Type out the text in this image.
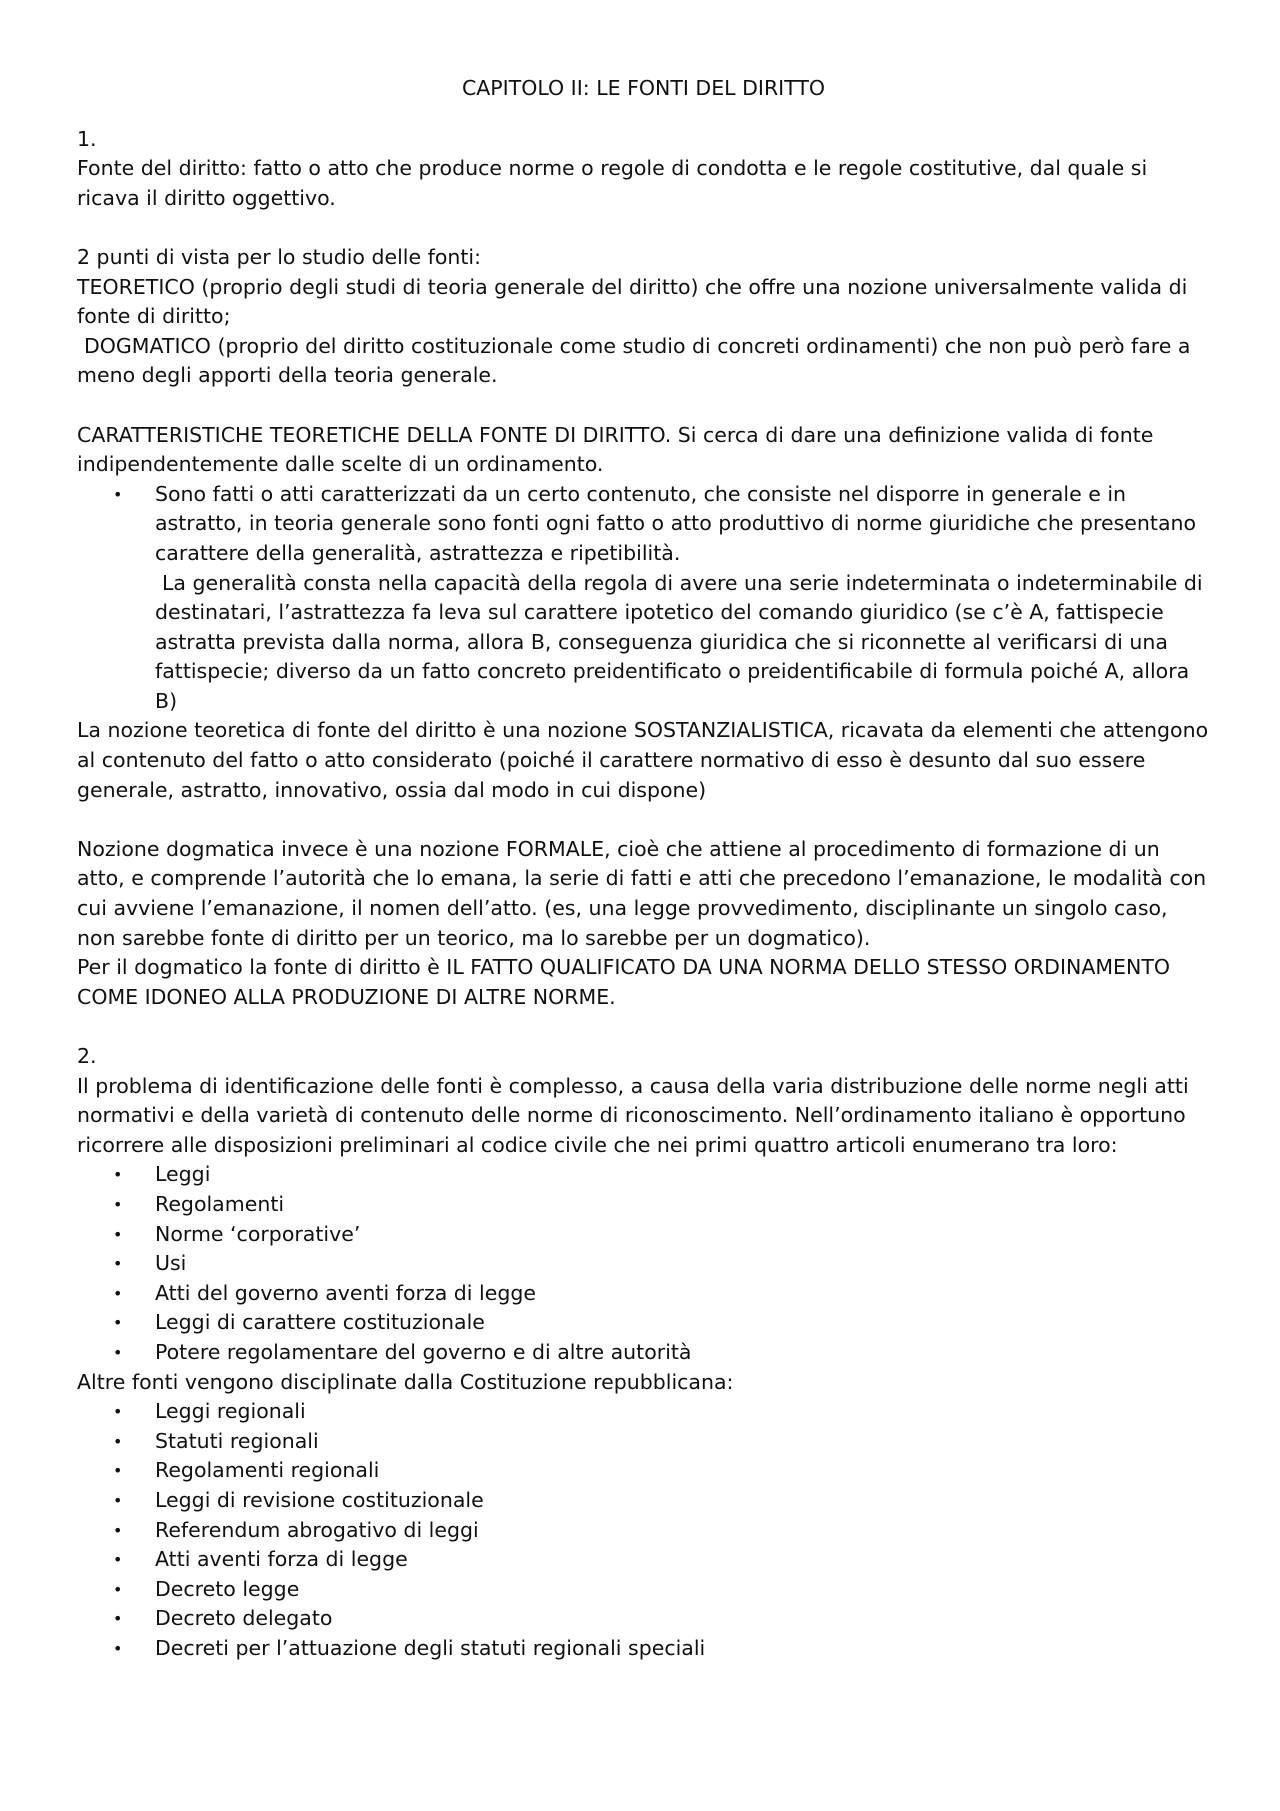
CAPITOLO II: LE FONTI DEL DIRITTO

1.

Fonte del diritto: fatto o atto che produce norme o regole di condotta e le regole costitutive, dal quale si ricava il diritto oggettivo.

2 punti di vista per lo studio delle fonti:

TEORETICO (proprio degli studi di teoria generale del diritto) che offre una nozione universalmente valida di fonte di diritto;

DOGMATICO (proprio del diritto costituzionale come studio di concreti ordinamenti) che non può però fare a meno degli apporti della teoria generale.

CARATTERISTICHE TEORETICHE DELLA FONTE DI DIRITTO. Si cerca di dare una definizione valida di fonte indipendentemente dalle scelte di un ordinamento.

• Sono fatti o atti caratterizzati da un certo contenuto, che consiste nel disporre in generale e in astratto, in teoria generale sono fonti ogni fatto o atto produttivo di norme giuridiche che presentano carattere della generalità, astrattezza e ripetibilità.
La generalità consta nella capacità della regola di avere una serie indeterminata o indeterminabile di destinatari, l’astrattezza fa leva sul carattere ipotetico del comando giuridico (se c’è A, fattispecie astratta prevista dalla norma, allora B, conseguenza giuridica che si riconnette al verificarsi di una fattispecie; diverso da un fatto concreto preidentificato o preidentificabile di formula poiché A, allora B)

La nozione teoretica di fonte del diritto è una nozione SOSTANZIALISTICA, ricavata da elementi che attengono al contenuto del fatto o atto considerato (poiché il carattere normativo di esso è desunto dal suo essere generale, astratto, innovativo, ossia dal modo in cui dispone)

Nozione dogmatica invece è una nozione FORMALE, cioè che attiene al procedimento di formazione di un atto, e comprende l’autorità che lo emana, la serie di fatti e atti che precedono l’emanazione, le modalità con cui avviene l’emanazione, il nomen dell’atto. (es, una legge provvedimento, disciplinante un singolo caso, non sarebbe fonte di diritto per un teorico, ma lo sarebbe per un dogmatico).

Per il dogmatico la fonte di diritto è IL FATTO QUALIFICATO DA UNA NORMA DELLO STESSO ORDINAMENTO COME IDONEO ALLA PRODUZIONE DI ALTRE NORME.

2.

Il problema di identificazione delle fonti è complesso, a causa della varia distribuzione delle norme negli atti normativi e della varietà di contenuto delle norme di riconoscimento. Nell’ordinamento italiano è opportuno ricorrere alle disposizioni preliminari al codice civile che nei primi quattro articoli enumerano tra loro:

• Leggi
• Regolamenti
• Norme ‘corporative’
• Usi
• Atti del governo aventi forza di legge
• Leggi di carattere costituzionale
• Potere regolamentare del governo e di altre autorità

Altre fonti vengono disciplinate dalla Costituzione repubblicana:

• Leggi regionali
• Statuti regionali
• Regolamenti regionali
• Leggi di revisione costituzionale
• Referendum abrogativo di leggi
• Atti aventi forza di legge
• Decreto legge
• Decreto delegato
• Decreti per l’attuazione degli statuti regionali speciali
